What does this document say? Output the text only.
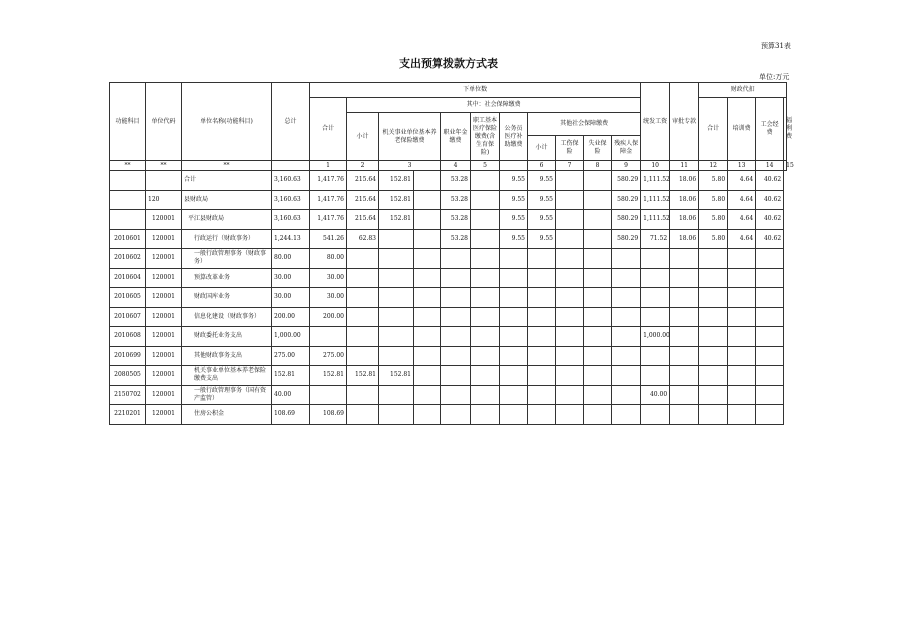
预算31表
支出预算拨款方式表
单位:万元
功能科目	单位代码	单位名称(功能科目)	总计	下单位数											统发工资	审批专款	财政代扣			
				合计	其中：社会保障缴费												合计	培训费	工会经费	福利费
					小计	机关事业单位基本养老保险缴费		职业年金缴费	职工基本医疗保险缴费(含生育保险)	公务员医疗补助缴费	其他社会保障缴费									
											小计	工伤保险	失业保险	残疾人保障金						
**	**	**		1	2	3		4	5		6	7	8	9	10	11	12	13	14	15
		合计	3,160.63	1,417.76	215.64	152.81		53.28		9.55	9.55			580.29	1,111.52	18.06	5.80	4.64	40.62	
	120	县财政局	3,160.63	1,417.76	215.64	152.81		53.28		9.55	9.55			580.29	1,111.52	18.06	5.80	4.64	40.62	
	120001	平江县财政局	3,160.63	1,417.76	215.64	152.81		53.28		9.55	9.55			580.29	1,111.52	18.06	5.80	4.64	40.62	
2010601	120001	行政运行（财政事务）	1,244.13	541.26	62.83			53.28		9.55	9.55			580.29	71.52	18.06	5.80	4.64	40.62	
2010602	120001	一般行政管理事务（财政事务）	80.00	80.00																
2010604	120001	预算改革业务	30.00	30.00																
2010605	120001	财政国库业务	30.00	30.00																
2010607	120001	信息化建设（财政事务）	200.00	200.00																
2010608	120001	财政委托业务支出	1,000.00												1,000.00					
2010699	120001	其他财政事务支出	275.00	275.00																
2080505	120001	机关事业单位基本养老保险缴费支出	152.81	152.81	152.81	152.81														
2150702	120001	一般行政管理事务（国有资产监管）	40.00												40.00					
2210201	120001	住房公积金	108.69	108.69																
